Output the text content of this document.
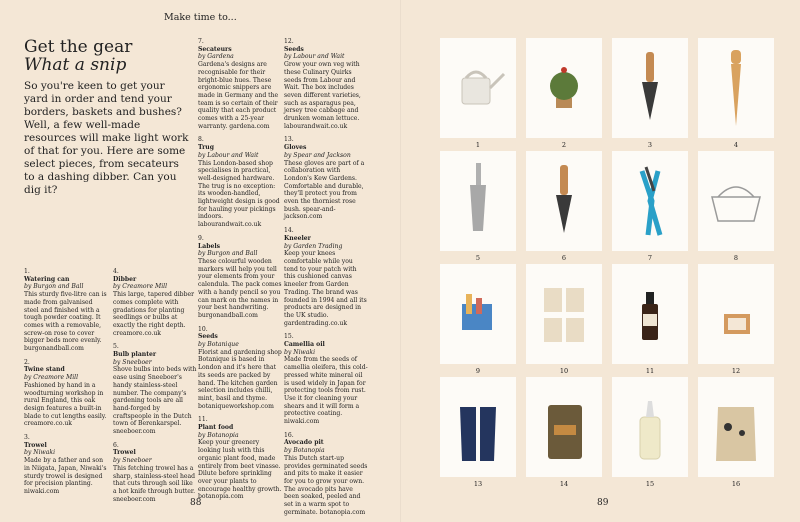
Make time to...
Get the gear
What a snip

So you're keen to get your yard in order and tend your borders, baskets and bushes? Well, a few well-made resources will make light work of that for you. Here are some select pieces, from secateurs to a dashing dibber. Can you dig it?

1.
Watering can
by Burgon and Ball
This sturdy five-litre can is made from galvanised steel and finished with a tough powder coating. It comes with a removable, screw-on rose to cover bigger beds more evenly. burgonandball.com
2.
Twine stand
by Creamore Mill
Fashioned by hand in a woodturning workshop in rural England, this oak design features a built-in blade to cut lengths easily. creamore.co.uk
3.
Trowel
by Niwaki
Made by a father and son in Niigata, Japan, Niwaki's sturdy trowel is designed for precision planting. niwaki.com
4.
Dibber
by Creamore Mill
This large, tapered dibber comes complete with gradations for planting seedlings or bulbs at exactly the right depth. creamore.co.uk
5.
Bulb planter
by Sneeboer
Shove bulbs into beds with ease using Sneeboer's handy stainless-steel number. The company's gardening tools are all hand-forged by craftspeople in the Dutch town of Berenkarspel. sneeboer.com
6.
Trowel
by Sneeboer
This fetching trowel has a sharp, stainless-steel head that cuts through soil like a hot knife through butter. sneeboer.com
7.
Secateurs
by Gardena
Gardena's designs are recognisable for their bright-blue hues. These ergonomic snippers are made in Germany and the team is so certain of their quality that each product comes with a 25-year warranty. gardena.com
8.
Trug
by Labour and Wait
This London-based shop specialises in practical, well-designed hardware. The trug is no exception: its wooden-handled, lightweight design is good for hauling your pickings indoors. labourandwait.co.uk
9.
Labels
by Burgon and Ball
These colourful wooden markers will help you tell your elements from your calendula. The pack comes with a handy pencil so you can mark on the names in your best handwriting. burgonandball.com
10.
Seeds
by Botanique
Florist and gardening shop Botanique is based in London and it's here that its seeds are packed by hand. The kitchen garden selection includes chilli, mint, basil and thyme. botaniqueworkshop.com
11.
Plant food
by Botanopia
Keep your greenery looking lush with this organic plant food, made entirely from beet vinasse. Dilute before sprinkling over your plants to encourage healthy growth. botanopia.com
12.
Seeds
by Labour and Wait
Grow your own veg with these Culinary Quirks seeds from Labour and Wait. The box includes seven different varieties, such as asparagus pea, jersey tree cabbage and drunken woman lettuce. labourandwait.co.uk
13.
Gloves
by Spear and Jackson
These gloves are part of a collaboration with London's Kew Gardens. Comfortable and durable, they'll protect you from even the thorniest rose bush. spear-and-jackson.com
14.
Kneeler
by Garden Trading
Keep your knees comfortable while you tend to your patch with this cushioned canvas kneeler from Garden Trading. The brand was founded in 1994 and all its products are designed in the UK studio. gardentrading.co.uk
15.
Camellia oil
by Niwaki
Made from the seeds of camellia oleifera, this cold-pressed white mineral oil is used widely in Japan for protecting tools from rust. Use it for cleaning your shears and it will form a protective coating. niwaki.com
16.
Avocado pit
by Botanopia
This Dutch start-up provides germinated seeds and pits to make it easier for you to grow your own. The avocado pits have been soaked, peeled and set in a warm spot to germinate. botanopia.com
88	89
1	2	3	4
5	6	7	8
9	10	11	12
13	14	15	16
